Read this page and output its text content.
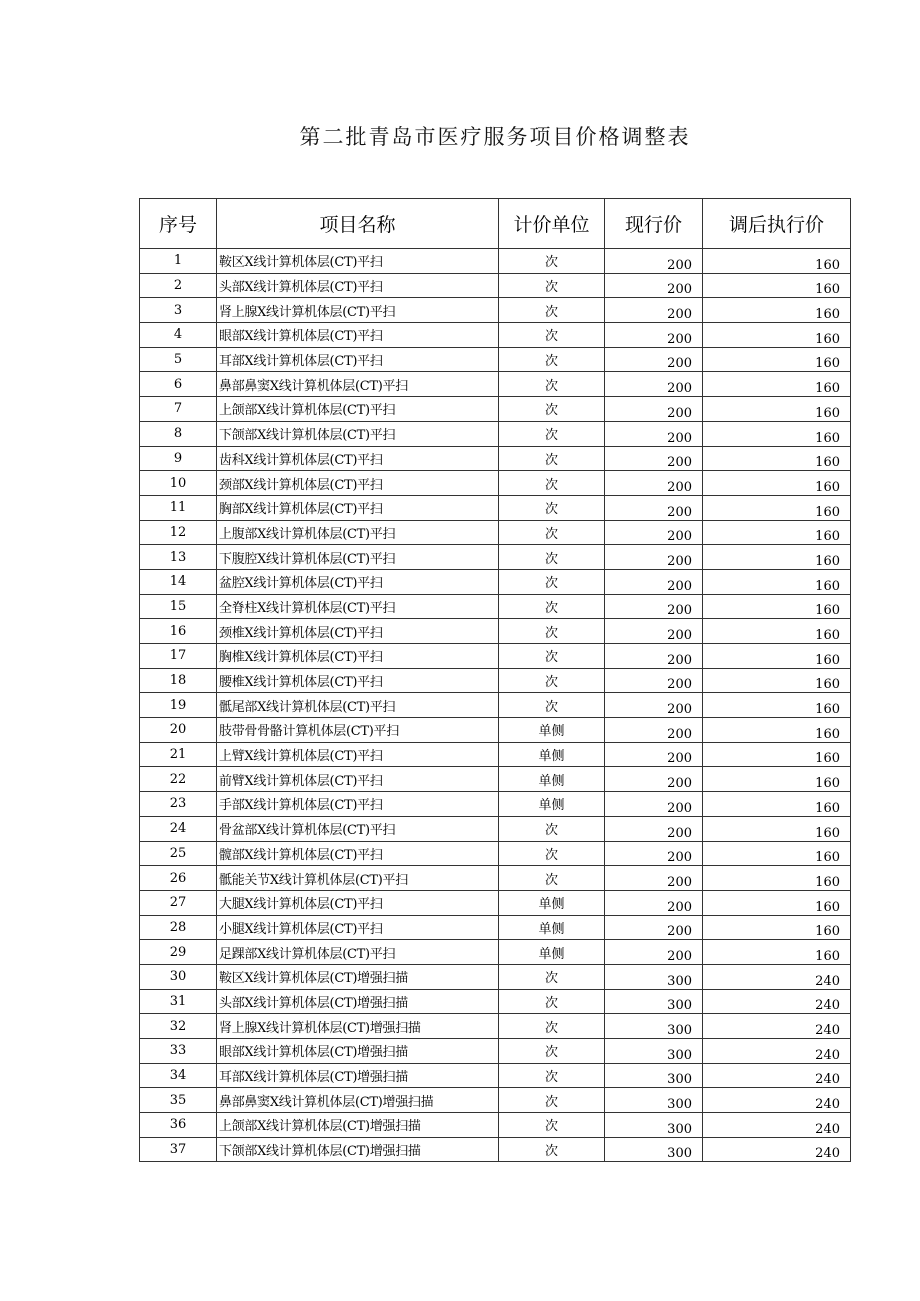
第二批青岛市医疗服务项目价格调整表
序号	项目名称	计价单位	现行价	调后执行价
1	鞍区X线计算机体层(CT)平扫	次	200	160
2	头部X线计算机体层(CT)平扫	次	200	160
3	肾上腺X线计算机体层(CT)平扫	次	200	160
4	眼部X线计算机体层(CT)平扫	次	200	160
5	耳部X线计算机体层(CT)平扫	次	200	160
6	鼻部鼻窦X线计算机体层(CT)平扫	次	200	160
7	上颌部X线计算机体层(CT)平扫	次	200	160
8	下颌部X线计算机体层(CT)平扫	次	200	160
9	齿科X线计算机体层(CT)平扫	次	200	160
10	颈部X线计算机体层(CT)平扫	次	200	160
11	胸部X线计算机体层(CT)平扫	次	200	160
12	上腹部X线计算机体层(CT)平扫	次	200	160
13	下腹腔X线计算机体层(CT)平扫	次	200	160
14	盆腔X线计算机体层(CT)平扫	次	200	160
15	全脊柱X线计算机体层(CT)平扫	次	200	160
16	颈椎X线计算机体层(CT)平扫	次	200	160
17	胸椎X线计算机体层(CT)平扫	次	200	160
18	腰椎X线计算机体层(CT)平扫	次	200	160
19	骶尾部X线计算机体层(CT)平扫	次	200	160
20	肢带骨骨骼计算机体层(CT)平扫	单侧	200	160
21	上臂X线计算机体层(CT)平扫	单侧	200	160
22	前臂X线计算机体层(CT)平扫	单侧	200	160
23	手部X线计算机体层(CT)平扫	单侧	200	160
24	骨盆部X线计算机体层(CT)平扫	次	200	160
25	髋部X线计算机体层(CT)平扫	次	200	160
26	骶能关节X线计算机体层(CT)平扫	次	200	160
27	大腿X线计算机体层(CT)平扫	单侧	200	160
28	小腿X线计算机体层(CT)平扫	单侧	200	160
29	足踝部X线计算机体层(CT)平扫	单侧	200	160
30	鞍区X线计算机体层(CT)增强扫描	次	300	240
31	头部X线计算机体层(CT)增强扫描	次	300	240
32	肾上腺X线计算机体层(CT)增强扫描	次	300	240
33	眼部X线计算机体层(CT)增强扫描	次	300	240
34	耳部X线计算机体层(CT)增强扫描	次	300	240
35	鼻部鼻窦X线计算机体层(CT)增强扫描	次	300	240
36	上颌部X线计算机体层(CT)增强扫描	次	300	240
37	下颌部X线计算机体层(CT)增强扫描	次	300	240
